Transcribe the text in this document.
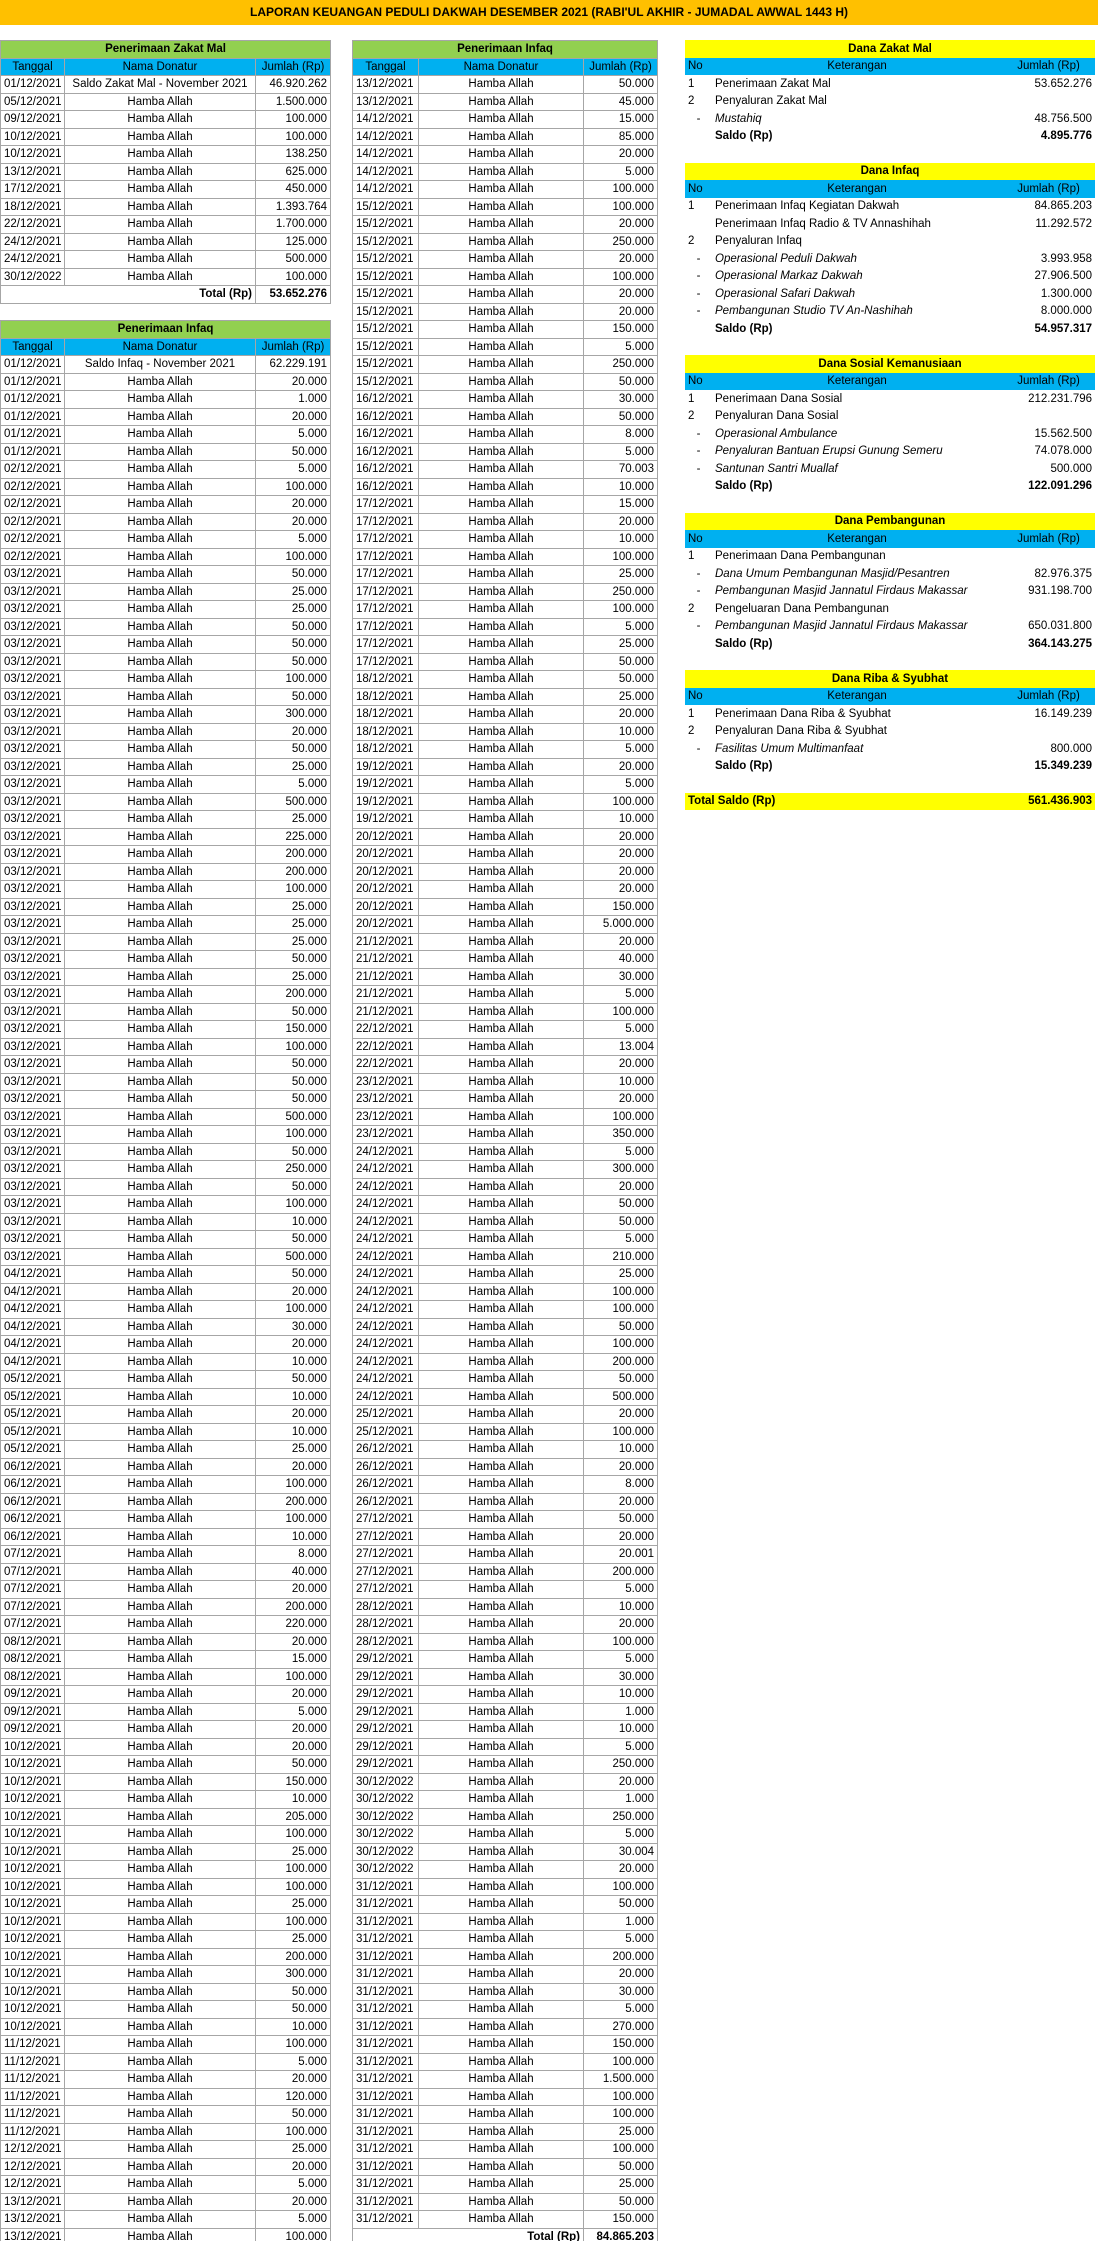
LAPORAN KEUANGAN PEDULI DAKWAH DESEMBER 2021 (RABI'UL AKHIR - JUMADAL AWWAL 1443 H)
Penerimaan Zakat Mal		
Tanggal	Nama Donatur	Jumlah (Rp)
01/12/2021	Saldo Zakat Mal - November 2021	46.920.262
05/12/2021	Hamba Allah	1.500.000
09/12/2021	Hamba Allah	100.000
10/12/2021	Hamba Allah	100.000
10/12/2021	Hamba Allah	138.250
13/12/2021	Hamba Allah	625.000
17/12/2021	Hamba Allah	450.000
18/12/2021	Hamba Allah	1.393.764
22/12/2021	Hamba Allah	1.700.000
24/12/2021	Hamba Allah	125.000
24/12/2021	Hamba Allah	500.000
30/12/2022	Hamba Allah	100.000
Total (Rp)		53.652.276

Penerimaan Infaq		
Tanggal	Nama Donatur	Jumlah (Rp)
01/12/2021	Saldo Infaq - November 2021	62.229.191
01/12/2021	Hamba Allah	20.000
01/12/2021	Hamba Allah	1.000
01/12/2021	Hamba Allah	20.000
01/12/2021	Hamba Allah	5.000
01/12/2021	Hamba Allah	50.000
02/12/2021	Hamba Allah	5.000
02/12/2021	Hamba Allah	100.000
02/12/2021	Hamba Allah	20.000
02/12/2021	Hamba Allah	20.000
02/12/2021	Hamba Allah	5.000
02/12/2021	Hamba Allah	100.000
03/12/2021	Hamba Allah	50.000
03/12/2021	Hamba Allah	25.000
03/12/2021	Hamba Allah	25.000
03/12/2021	Hamba Allah	50.000
03/12/2021	Hamba Allah	50.000
03/12/2021	Hamba Allah	50.000
03/12/2021	Hamba Allah	100.000
03/12/2021	Hamba Allah	50.000
03/12/2021	Hamba Allah	300.000
03/12/2021	Hamba Allah	20.000
03/12/2021	Hamba Allah	50.000
03/12/2021	Hamba Allah	25.000
03/12/2021	Hamba Allah	5.000
03/12/2021	Hamba Allah	500.000
03/12/2021	Hamba Allah	25.000
03/12/2021	Hamba Allah	225.000
03/12/2021	Hamba Allah	200.000
03/12/2021	Hamba Allah	200.000
03/12/2021	Hamba Allah	100.000
03/12/2021	Hamba Allah	25.000
03/12/2021	Hamba Allah	25.000
03/12/2021	Hamba Allah	25.000
03/12/2021	Hamba Allah	50.000
03/12/2021	Hamba Allah	25.000
03/12/2021	Hamba Allah	200.000
03/12/2021	Hamba Allah	50.000
03/12/2021	Hamba Allah	150.000
03/12/2021	Hamba Allah	100.000
03/12/2021	Hamba Allah	50.000
03/12/2021	Hamba Allah	50.000
03/12/2021	Hamba Allah	50.000
03/12/2021	Hamba Allah	500.000
03/12/2021	Hamba Allah	100.000
03/12/2021	Hamba Allah	50.000
03/12/2021	Hamba Allah	250.000
03/12/2021	Hamba Allah	50.000
03/12/2021	Hamba Allah	100.000
03/12/2021	Hamba Allah	10.000
03/12/2021	Hamba Allah	50.000
03/12/2021	Hamba Allah	500.000
04/12/2021	Hamba Allah	50.000
04/12/2021	Hamba Allah	20.000
04/12/2021	Hamba Allah	100.000
04/12/2021	Hamba Allah	30.000
04/12/2021	Hamba Allah	20.000
04/12/2021	Hamba Allah	10.000
05/12/2021	Hamba Allah	50.000
05/12/2021	Hamba Allah	10.000
05/12/2021	Hamba Allah	20.000
05/12/2021	Hamba Allah	10.000
05/12/2021	Hamba Allah	25.000
06/12/2021	Hamba Allah	20.000
06/12/2021	Hamba Allah	100.000
06/12/2021	Hamba Allah	200.000
06/12/2021	Hamba Allah	100.000
06/12/2021	Hamba Allah	10.000
07/12/2021	Hamba Allah	8.000
07/12/2021	Hamba Allah	40.000
07/12/2021	Hamba Allah	20.000
07/12/2021	Hamba Allah	200.000
07/12/2021	Hamba Allah	220.000
08/12/2021	Hamba Allah	20.000
08/12/2021	Hamba Allah	15.000
08/12/2021	Hamba Allah	100.000
09/12/2021	Hamba Allah	20.000
09/12/2021	Hamba Allah	5.000
09/12/2021	Hamba Allah	20.000
10/12/2021	Hamba Allah	20.000
10/12/2021	Hamba Allah	50.000
10/12/2021	Hamba Allah	150.000
10/12/2021	Hamba Allah	10.000
10/12/2021	Hamba Allah	205.000
10/12/2021	Hamba Allah	100.000
10/12/2021	Hamba Allah	25.000
10/12/2021	Hamba Allah	100.000
10/12/2021	Hamba Allah	100.000
10/12/2021	Hamba Allah	25.000
10/12/2021	Hamba Allah	100.000
10/12/2021	Hamba Allah	25.000
10/12/2021	Hamba Allah	200.000
10/12/2021	Hamba Allah	300.000
10/12/2021	Hamba Allah	50.000
10/12/2021	Hamba Allah	50.000
10/12/2021	Hamba Allah	10.000
11/12/2021	Hamba Allah	100.000
11/12/2021	Hamba Allah	5.000
11/12/2021	Hamba Allah	20.000
11/12/2021	Hamba Allah	120.000
11/12/2021	Hamba Allah	50.000
11/12/2021	Hamba Allah	100.000
12/12/2021	Hamba Allah	25.000
12/12/2021	Hamba Allah	20.000
12/12/2021	Hamba Allah	5.000
13/12/2021	Hamba Allah	20.000
13/12/2021	Hamba Allah	5.000
13/12/2021	Hamba Allah	100.000
Penerimaan Infaq		
Tanggal	Nama Donatur	Jumlah (Rp)
13/12/2021	Hamba Allah	50.000
13/12/2021	Hamba Allah	45.000
14/12/2021	Hamba Allah	15.000
14/12/2021	Hamba Allah	85.000
14/12/2021	Hamba Allah	20.000
14/12/2021	Hamba Allah	5.000
14/12/2021	Hamba Allah	100.000
15/12/2021	Hamba Allah	100.000
15/12/2021	Hamba Allah	20.000
15/12/2021	Hamba Allah	250.000
15/12/2021	Hamba Allah	20.000
15/12/2021	Hamba Allah	100.000
15/12/2021	Hamba Allah	20.000
15/12/2021	Hamba Allah	20.000
15/12/2021	Hamba Allah	150.000
15/12/2021	Hamba Allah	5.000
15/12/2021	Hamba Allah	250.000
15/12/2021	Hamba Allah	50.000
16/12/2021	Hamba Allah	30.000
16/12/2021	Hamba Allah	50.000
16/12/2021	Hamba Allah	8.000
16/12/2021	Hamba Allah	5.000
16/12/2021	Hamba Allah	70.003
16/12/2021	Hamba Allah	10.000
17/12/2021	Hamba Allah	15.000
17/12/2021	Hamba Allah	20.000
17/12/2021	Hamba Allah	10.000
17/12/2021	Hamba Allah	100.000
17/12/2021	Hamba Allah	25.000
17/12/2021	Hamba Allah	250.000
17/12/2021	Hamba Allah	100.000
17/12/2021	Hamba Allah	5.000
17/12/2021	Hamba Allah	25.000
17/12/2021	Hamba Allah	50.000
18/12/2021	Hamba Allah	50.000
18/12/2021	Hamba Allah	25.000
18/12/2021	Hamba Allah	20.000
18/12/2021	Hamba Allah	10.000
18/12/2021	Hamba Allah	5.000
19/12/2021	Hamba Allah	20.000
19/12/2021	Hamba Allah	5.000
19/12/2021	Hamba Allah	100.000
19/12/2021	Hamba Allah	10.000
20/12/2021	Hamba Allah	20.000
20/12/2021	Hamba Allah	20.000
20/12/2021	Hamba Allah	20.000
20/12/2021	Hamba Allah	20.000
20/12/2021	Hamba Allah	150.000
20/12/2021	Hamba Allah	5.000.000
21/12/2021	Hamba Allah	20.000
21/12/2021	Hamba Allah	40.000
21/12/2021	Hamba Allah	30.000
21/12/2021	Hamba Allah	5.000
21/12/2021	Hamba Allah	100.000
22/12/2021	Hamba Allah	5.000
22/12/2021	Hamba Allah	13.004
22/12/2021	Hamba Allah	20.000
23/12/2021	Hamba Allah	10.000
23/12/2021	Hamba Allah	20.000
23/12/2021	Hamba Allah	100.000
23/12/2021	Hamba Allah	350.000
24/12/2021	Hamba Allah	5.000
24/12/2021	Hamba Allah	300.000
24/12/2021	Hamba Allah	20.000
24/12/2021	Hamba Allah	50.000
24/12/2021	Hamba Allah	50.000
24/12/2021	Hamba Allah	5.000
24/12/2021	Hamba Allah	210.000
24/12/2021	Hamba Allah	25.000
24/12/2021	Hamba Allah	100.000
24/12/2021	Hamba Allah	100.000
24/12/2021	Hamba Allah	50.000
24/12/2021	Hamba Allah	100.000
24/12/2021	Hamba Allah	200.000
24/12/2021	Hamba Allah	50.000
24/12/2021	Hamba Allah	500.000
25/12/2021	Hamba Allah	20.000
25/12/2021	Hamba Allah	100.000
26/12/2021	Hamba Allah	10.000
26/12/2021	Hamba Allah	20.000
26/12/2021	Hamba Allah	8.000
26/12/2021	Hamba Allah	20.000
27/12/2021	Hamba Allah	50.000
27/12/2021	Hamba Allah	20.000
27/12/2021	Hamba Allah	20.001
27/12/2021	Hamba Allah	200.000
27/12/2021	Hamba Allah	5.000
28/12/2021	Hamba Allah	10.000
28/12/2021	Hamba Allah	20.000
28/12/2021	Hamba Allah	100.000
29/12/2021	Hamba Allah	5.000
29/12/2021	Hamba Allah	30.000
29/12/2021	Hamba Allah	10.000
29/12/2021	Hamba Allah	1.000
29/12/2021	Hamba Allah	10.000
29/12/2021	Hamba Allah	5.000
29/12/2021	Hamba Allah	250.000
30/12/2022	Hamba Allah	20.000
30/12/2022	Hamba Allah	1.000
30/12/2022	Hamba Allah	250.000
30/12/2022	Hamba Allah	5.000
30/12/2022	Hamba Allah	30.004
30/12/2022	Hamba Allah	20.000
31/12/2021	Hamba Allah	100.000
31/12/2021	Hamba Allah	50.000
31/12/2021	Hamba Allah	1.000
31/12/2021	Hamba Allah	5.000
31/12/2021	Hamba Allah	200.000
31/12/2021	Hamba Allah	20.000
31/12/2021	Hamba Allah	30.000
31/12/2021	Hamba Allah	5.000
31/12/2021	Hamba Allah	270.000
31/12/2021	Hamba Allah	150.000
31/12/2021	Hamba Allah	100.000
31/12/2021	Hamba Allah	1.500.000
31/12/2021	Hamba Allah	100.000
31/12/2021	Hamba Allah	100.000
31/12/2021	Hamba Allah	25.000
31/12/2021	Hamba Allah	100.000
31/12/2021	Hamba Allah	50.000
31/12/2021	Hamba Allah	25.000
31/12/2021	Hamba Allah	50.000
31/12/2021	Hamba Allah	150.000
Total (Rp)		84.865.203
Dana Zakat Mal		
No	Keterangan	Jumlah (Rp)
1	Penerimaan Zakat Mal	53.652.276
2	Penyaluran Zakat Mal	
-	Mustahiq	48.756.500
	Saldo (Rp)	4.895.776

Dana Infaq		
No	Keterangan	Jumlah (Rp)
1	Penerimaan Infaq Kegiatan Dakwah	84.865.203
	Penerimaan Infaq Radio & TV Annashihah	11.292.572
2	Penyaluran Infaq	
-	Operasional Peduli Dakwah	3.993.958
-	Operasional Markaz Dakwah	27.906.500
-	Operasional Safari Dakwah	1.300.000
-	Pembangunan Studio TV An-Nashihah	8.000.000
	Saldo (Rp)	54.957.317

Dana Sosial Kemanusiaan		
No	Keterangan	Jumlah (Rp)
1	Penerimaan Dana Sosial	212.231.796
2	Penyaluran Dana Sosial	
-	Operasional Ambulance	15.562.500
-	Penyaluran Bantuan Erupsi Gunung Semeru	74.078.000
-	Santunan Santri Muallaf	500.000
	Saldo (Rp)	122.091.296

Dana Pembangunan		
No	Keterangan	Jumlah (Rp)
1	Penerimaan Dana Pembangunan	
-	Dana Umum Pembangunan Masjid/Pesantren	82.976.375
-	Pembangunan Masjid Jannatul Firdaus Makassar	931.198.700
2	Pengeluaran Dana Pembangunan	
-	Pembangunan Masjid Jannatul Firdaus Makassar	650.031.800
	Saldo (Rp)	364.143.275

Dana Riba & Syubhat		
No	Keterangan	Jumlah (Rp)
1	Penerimaan Dana Riba & Syubhat	16.149.239
2	Penyaluran Dana Riba & Syubhat	
-	Fasilitas Umum Multimanfaat	800.000
	Saldo (Rp)	15.349.239

Total Saldo (Rp)		561.436.903
